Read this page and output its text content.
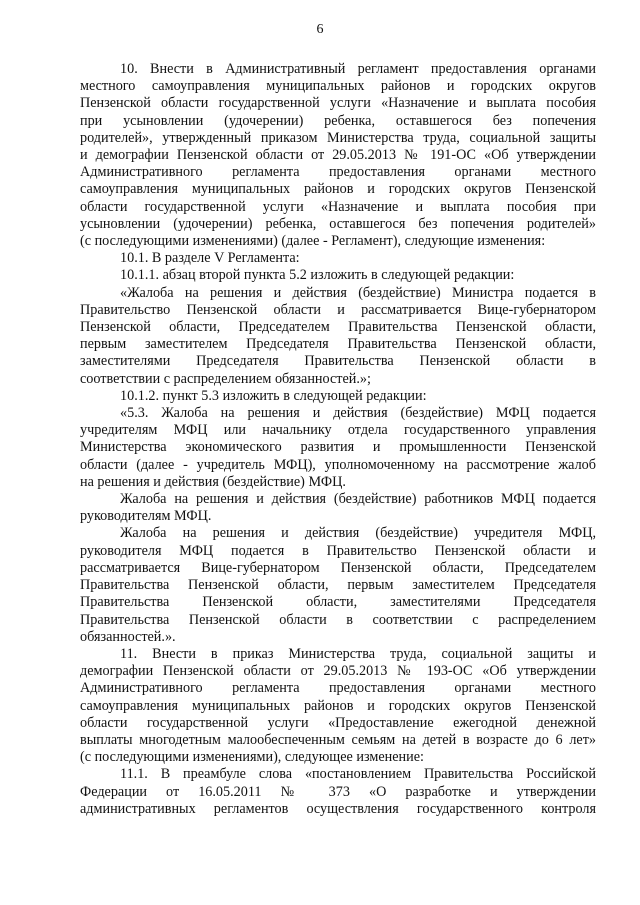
6
10. Внести в Административный регламент предоставления органами
местного самоуправления муниципальных районов и городских округов
Пензенской области государственной услуги «Назначение и выплата пособия
при усыновлении (удочерении) ребенка, оставшегося без попечения
родителей», утвержденный приказом Министерства труда, социальной защиты
и демографии Пензенской области от 29.05.2013 № 191-ОС «Об утверждении
Административного регламента предоставления органами местного
самоуправления муниципальных районов и городских округов Пензенской
области государственной услуги «Назначение и выплата пособия при
усыновлении (удочерении) ребенка, оставшегося без попечения родителей»
(с последующими изменениями) (далее - Регламент), следующие изменения:
10.1. В разделе V Регламента:
10.1.1. абзац второй пункта 5.2 изложить в следующей редакции:
«Жалоба на решения и действия (бездействие) Министра подается в
Правительство Пензенской области и рассматривается Вице-губернатором
Пензенской области, Председателем Правительства Пензенской области,
первым заместителем Председателя Правительства Пензенской области,
заместителями Председателя Правительства Пензенской области в
соответствии с распределением обязанностей.»;
10.1.2. пункт 5.3 изложить в следующей редакции:
«5.3. Жалоба на решения и действия (бездействие) МФЦ подается
учредителям МФЦ или начальнику отдела государственного управления
Министерства экономического развития и промышленности Пензенской
области (далее - учредитель МФЦ), уполномоченному на рассмотрение жалоб
на решения и действия (бездействие) МФЦ.
Жалоба на решения и действия (бездействие) работников МФЦ подается
руководителям МФЦ.
Жалоба на решения и действия (бездействие) учредителя МФЦ,
руководителя МФЦ подается в Правительство Пензенской области и
рассматривается Вице-губернатором Пензенской области, Председателем
Правительства Пензенской области, первым заместителем Председателя
Правительства Пензенской области, заместителями Председателя
Правительства Пензенской области в соответствии с распределением
обязанностей.».
11. Внести в приказ Министерства труда, социальной защиты и
демографии Пензенской области от 29.05.2013 № 193-ОС «Об утверждении
Административного регламента предоставления органами местного
самоуправления муниципальных районов и городских округов Пензенской
области государственной услуги «Предоставление ежегодной денежной
выплаты многодетным малообеспеченным семьям на детей в возрасте до 6 лет»
(с последующими изменениями), следующее изменение:
11.1. В преамбуле слова «постановлением Правительства Российской
Федерации от 16.05.2011 № 373 «О разработке и утверждении
административных регламентов осуществления государственного контроля
